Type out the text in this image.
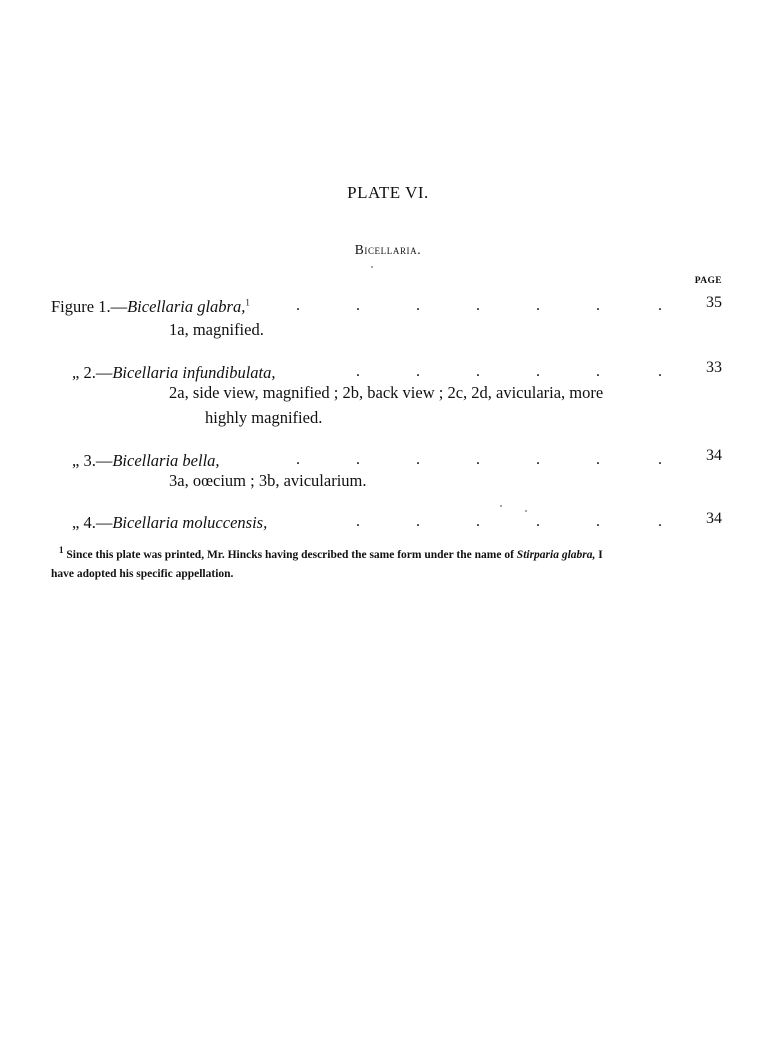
PLATE VI.
Bicellaria.
PAGE
Figure 1.—Bicellaria glabra,$^1$	.	.	.	.	.	.	.	35
1a, magnified.
„ 2.—Bicellaria infundibulata,	.	.	.	.	.	.	33
2a, side view, magnified ; 2b, back view ; 2c, 2d, avicularia, more
highly magnified.
„ 3.—Bicellaria bella,	.	.	.	.	.	.	.	34
3a, oœcium ; 3b, avicularium.
„ 4.—Bicellaria moluccensis,	.	.	.	.	.	.	34
$^1$ Since this plate was printed, Mr. Hincks having described the same form under the name of Stirparia glabra, I
have adopted his specific appellation.
